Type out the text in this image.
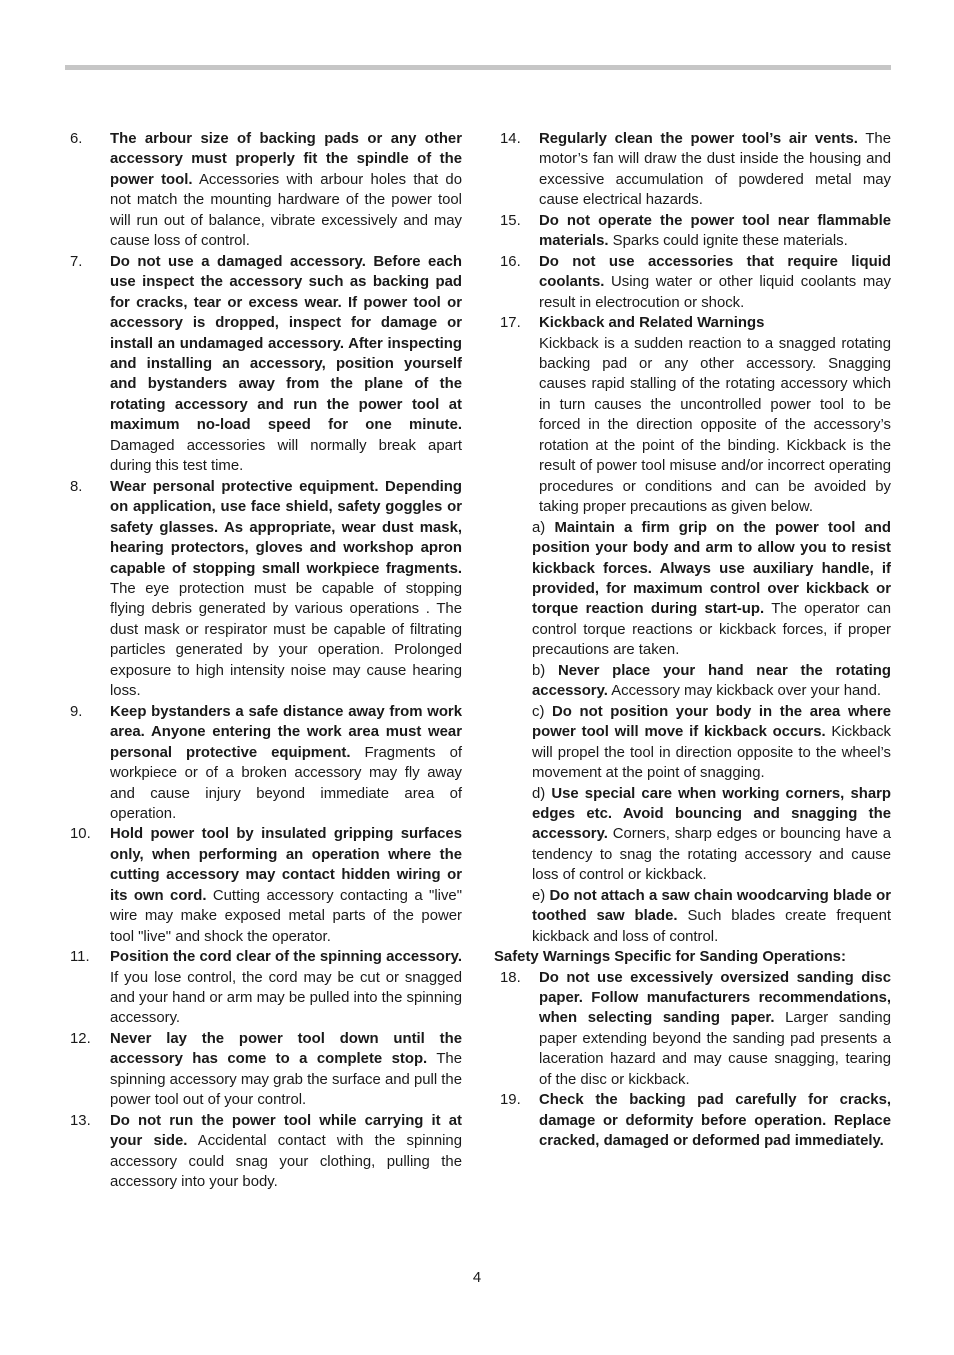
6.	The arbour size of backing pads or any other accessory must properly fit the spindle of the power tool. Accessories with arbour holes that do not match the mounting hardware of the power tool will run out of balance, vibrate excessively and may cause loss of control.
7.	Do not use a damaged accessory. Before each use inspect the accessory such as backing pad for cracks, tear or excess wear. If power tool or accessory is dropped, inspect for damage or install an undamaged accessory. After inspecting and installing an accessory, position yourself and bystanders away from the plane of the rotating accessory and run the power tool at maximum no-load speed for one minute. Damaged accessories will normally break apart during this test time.
8.	Wear personal protective equipment. Depending on application, use face shield, safety goggles or safety glasses. As appropriate, wear dust mask, hearing protectors, gloves and workshop apron capable of stopping small workpiece fragments. The eye protection must be capable of stopping flying debris generated by various operations . The dust mask or respirator must be capable of filtrating particles generated by your operation. Prolonged exposure to high intensity noise may cause hearing loss.
9.	Keep bystanders a safe distance away from work area. Anyone entering the work area must wear personal protective equipment. Fragments of workpiece or of a broken accessory may fly away and cause injury beyond immediate area of operation.
10.	Hold power tool by insulated gripping surfaces only, when performing an operation where the cutting accessory may contact hidden wiring or its own cord. Cutting accessory contacting a "live" wire may make exposed metal parts of the power tool "live" and shock the operator.
11.	Position the cord clear of the spinning accessory. If you lose control, the cord may be cut or snagged and your hand or arm may be pulled into the spinning accessory.
12.	Never lay the power tool down until the accessory has come to a complete stop. The spinning accessory may grab the surface and pull the power tool out of your control.
13.	Do not run the power tool while carrying it at your side. Accidental contact with the spinning accessory could snag your clothing, pulling the accessory into your body.
14.	Regularly clean the power tool’s air vents. The motor’s fan will draw the dust inside the housing and excessive accumulation of powdered metal may cause electrical hazards.
15.	Do not operate the power tool near flammable materials. Sparks could ignite these materials.
16.	Do not use accessories that require liquid coolants. Using water or other liquid coolants may result in electrocution or shock.
17.	Kickback and Related Warnings
Kickback is a sudden reaction to a snagged rotating backing pad or any other accessory. Snagging causes rapid stalling of the rotating accessory which in turn causes the uncontrolled power tool to be forced in the direction opposite of the accessory’s rotation at the point of the binding. Kickback is the result of power tool misuse and/or incorrect operating procedures or conditions and can be avoided by taking proper precautions as given below.
a) Maintain a firm grip on the power tool and position your body and arm to allow you to resist kickback forces. Always use auxiliary handle, if provided, for maximum control over kickback or torque reaction during start-up. The operator can control torque reactions or kickback forces, if proper precautions are taken.
b) Never place your hand near the rotating accessory. Accessory may kickback over your hand.
c) Do not position your body in the area where power tool will move if kickback occurs. Kickback will propel the tool in direction opposite to the wheel’s movement at the point of snagging.
d) Use special care when working corners, sharp edges etc. Avoid bouncing and snagging the accessory. Corners, sharp edges or bouncing have a tendency to snag the rotating accessory and cause loss of control or kickback.
e) Do not attach a saw chain woodcarving blade or toothed saw blade. Such blades create frequent kickback and loss of control.
Safety Warnings Specific for Sanding Operations:
18.	Do not use excessively oversized sanding disc paper. Follow manufacturers recommendations, when selecting sanding paper. Larger sanding paper extending beyond the sanding pad presents a laceration hazard and may cause snagging, tearing of the disc or kickback.
19.	Check the backing pad carefully for cracks, damage or deformity before operation. Replace cracked, damaged or deformed pad immediately.
4
